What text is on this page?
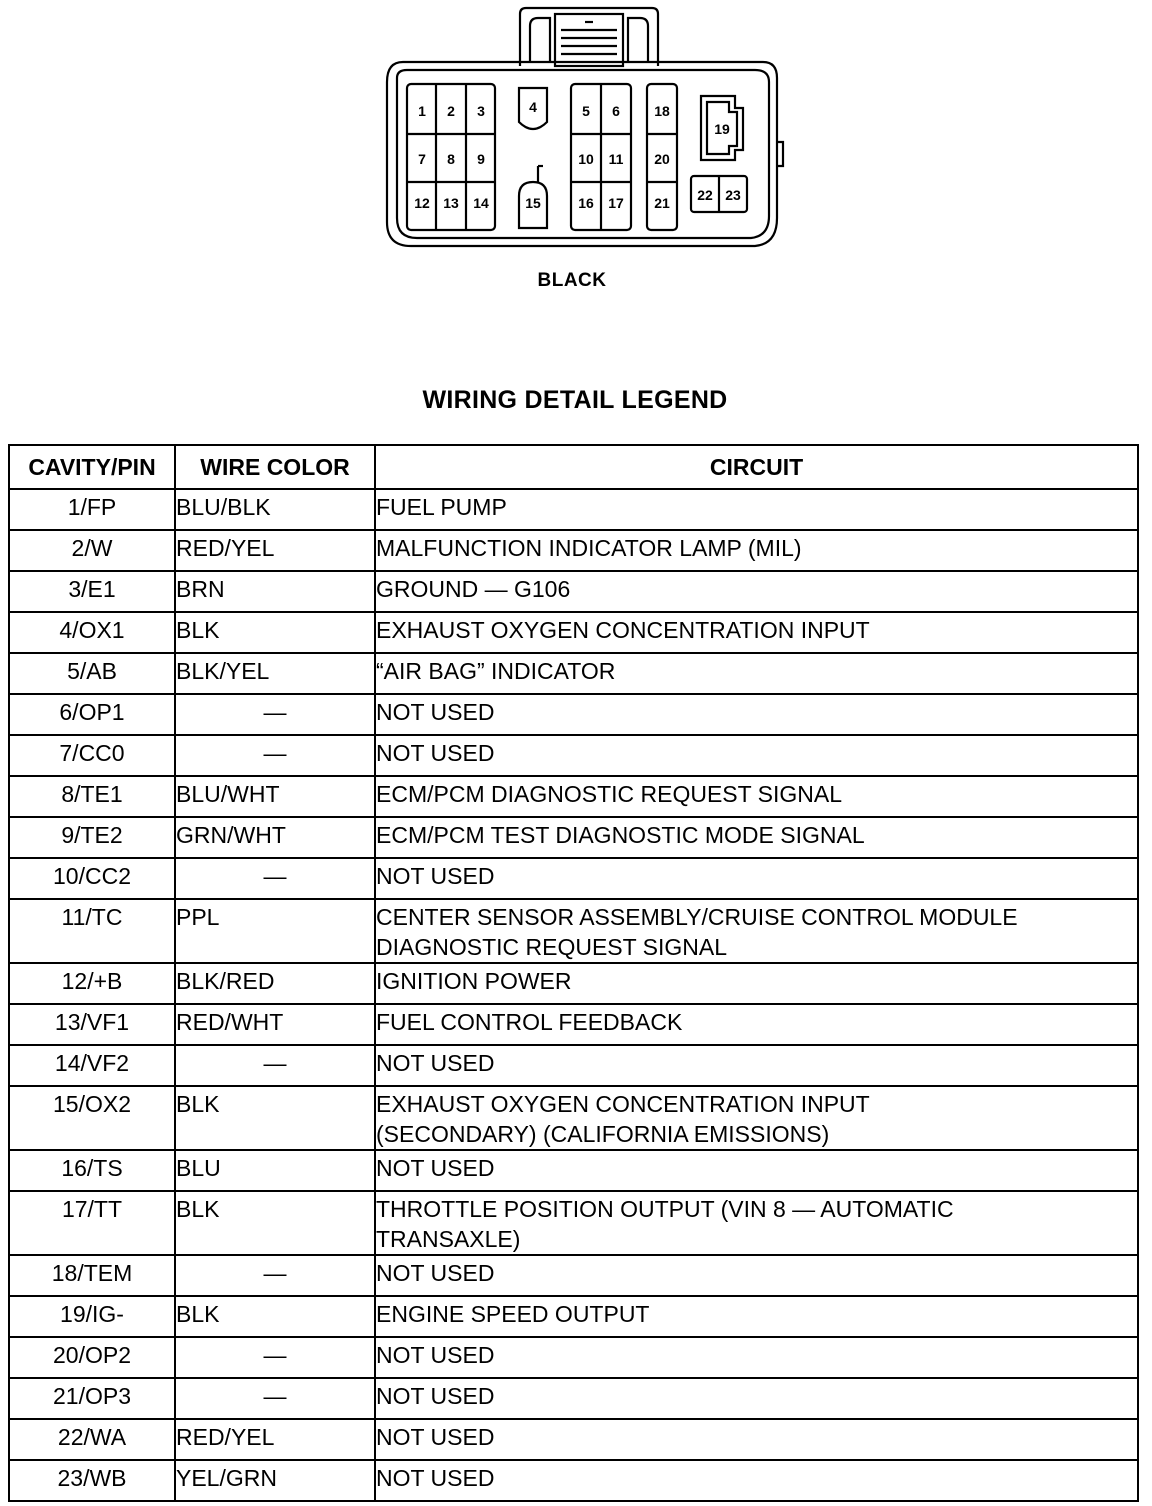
1 2 3	4	5 6
7 8 9	10 11
12 13 14	15	16 17
18
19
20
21 22 23
BLACK
WIRING DETAIL LEGEND
CAVITY/PIN	WIRE COLOR	CIRCUIT
1/FP	BLU/BLK	FUEL PUMP

2/W	RED/YEL	MALFUNCTION INDICATOR LAMP (MIL)

3/E1	BRN	GROUND — G106

4/OX1	BLK	EXHAUST OXYGEN CONCENTRATION INPUT

5/AB	BLK/YEL	“AIR BAG” INDICATOR

6/OP1	—	NOT USED

7/CC0	—	NOT USED

8/TE1	BLU/WHT	ECM/PCM DIAGNOSTIC REQUEST SIGNAL

9/TE2	GRN/WHT	ECM/PCM TEST DIAGNOSTIC MODE SIGNAL

10/CC2	—	NOT USED

11/TC	PPL	CENTER SENSOR ASSEMBLY/CRUISE CONTROL MODULE
DIAGNOSTIC REQUEST SIGNAL

12/+B	BLK/RED	IGNITION POWER

13/VF1	RED/WHT	FUEL CONTROL FEEDBACK

14/VF2	—	NOT USED

15/OX2	BLK	EXHAUST OXYGEN CONCENTRATION INPUT
(SECONDARY) (CALIFORNIA EMISSIONS)

16/TS	BLU	NOT USED

17/TT	BLK	THROTTLE POSITION OUTPUT (VIN 8 — AUTOMATIC
TRANSAXLE)

18/TEM	—	NOT USED

19/IG-	BLK	ENGINE SPEED OUTPUT

20/OP2	—	NOT USED

21/OP3	—	NOT USED

22/WA	RED/YEL	NOT USED

23/WB	YEL/GRN	NOT USED
